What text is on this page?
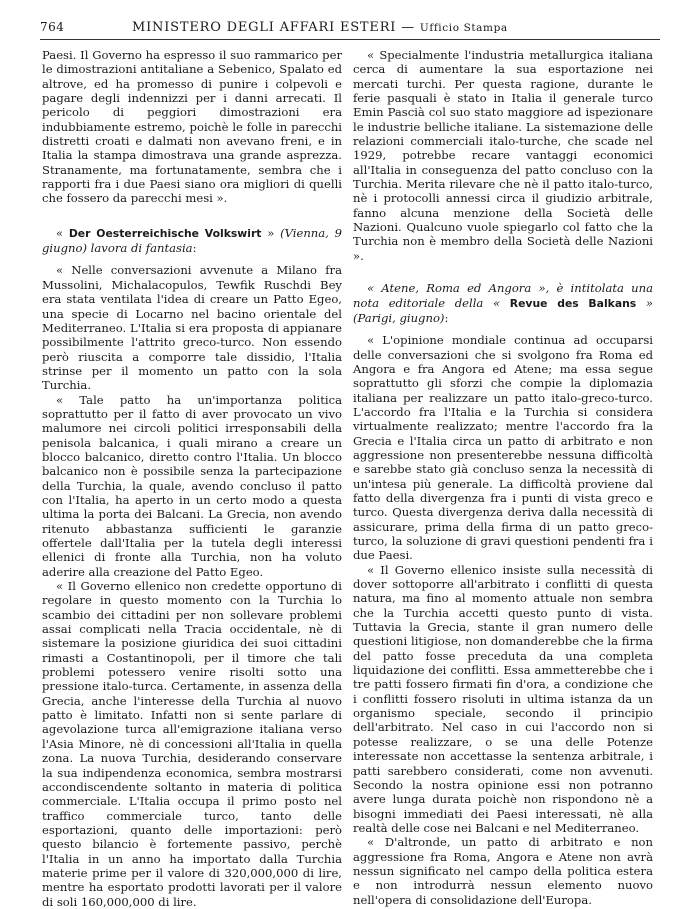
764	MINISTERO DEGLI AFFARI ESTERI — Ufficio Stampa

Paesi. Il Governo ha espresso il suo rammarico per le dimostrazioni antitaliane a Sebenico, Spalato ed altrove, ed ha promesso di punire i colpevoli e pagare degli indennizzi per i danni arrecati. Il pericolo di peggiori dimostrazioni era indubbiamente estremo, poichè le folle in parecchi distretti croati e dalmati non avevano freni, e in Italia la stampa dimostrava una grande asprezza. Stranamente, ma fortunatamente, sembra che i rapporti fra i due Paesi siano ora migliori di quelli che fossero da parecchi mesi ».

« Der Oesterreichische Volkswirt » (Vienna, 9 giugno) lavora di fantasia:

« Nelle conversazioni avvenute a Milano fra Mussolini, Michalacopulos, Tewfik Ruschdi Bey era stata ventilata l'idea di creare un Patto Egeo, una specie di Locarno nel bacino orientale del Mediterraneo. L'Italia si era proposta di appianare possibilmente l'attrito greco-turco. Non essendo però riuscita a comporre tale dissidio, l'Italia strinse per il momento un patto con la sola Turchia.

« Tale patto ha un'importanza politica soprattutto per il fatto di aver provocato un vivo malumore nei circoli politici irresponsabili della penisola balcanica, i quali mirano a creare un blocco balcanico, diretto contro l'Italia. Un blocco balcanico non è possibile senza la partecipazione della Turchia, la quale, avendo concluso il patto con l'Italia, ha aperto in un certo modo a questa ultima la porta dei Balcani. La Grecia, non avendo ritenuto abbastanza sufficienti le garanzie offertele dall'Italia per la tutela degli interessi ellenici di fronte alla Turchia, non ha voluto aderire alla creazione del Patto Egeo.

« Il Governo ellenico non credette opportuno di regolare in questo momento con la Turchia lo scambio dei cittadini per non sollevare problemi assai complicati nella Tracia occidentale, nè di sistemare la posizione giuridica dei suoi cittadini rimasti a Costantinopoli, per il timore che tali problemi potessero venire risolti sotto una pressione italo-turca. Certamente, in assenza della Grecia, anche l'interesse della Turchia al nuovo patto è limitato. Infatti non si sente parlare di agevolazione turca all'emigrazione italiana verso l'Asia Minore, nè di concessioni all'Italia in quella zona. La nuova Turchia, desiderando conservare la sua indipendenza economica, sembra mostrarsi accondiscendente soltanto in materia di politica commerciale. L'Italia occupa il primo posto nel traffico commerciale turco, tanto delle esportazioni, quanto delle importazioni: però questo bilancio è fortemente passivo, perchè l'Italia in un anno ha importato dalla Turchia materie prime per il valore di 320,000,000 di lire, mentre ha esportato prodotti lavorati per il valore di soli 160,000,000 di lire.

« Specialmente l'industria metallurgica italiana cerca di aumentare la sua esportazione nei mercati turchi. Per questa ragione, durante le ferie pasquali è stato in Italia il generale turco Emin Pascià col suo stato maggiore ad ispezionare le industrie belliche italiane. La sistemazione delle relazioni commerciali italo-turche, che scade nel 1929, potrebbe recare vantaggi economici all'Italia in conseguenza del patto concluso con la Turchia. Merita rilevare che nè il patto italo-turco, nè i protocolli annessi circa il giudizio arbitrale, fanno alcuna menzione della Società delle Nazioni. Qualcuno vuole spiegarlo col fatto che la Turchia non è membro della Società delle Nazioni ».

« Atene, Roma ed Angora », è intitolata una nota editoriale della « Revue des Balkans » (Parigi, giugno):

« L'opinione mondiale continua ad occuparsi delle conversazioni che si svolgono fra Roma ed Angora e fra Angora ed Atene; ma essa segue soprattutto gli sforzi che compie la diplomazia italiana per realizzare un patto italo-greco-turco. L'accordo fra l'Italia e la Turchia si considera virtualmente realizzato; mentre l'accordo fra la Grecia e l'Italia circa un patto di arbitrato e non aggressione non presenterebbe nessuna difficoltà e sarebbe stato già concluso senza la necessità di un'intesa più generale. La difficoltà proviene dal fatto della divergenza fra i punti di vista greco e turco. Questa divergenza deriva dalla necessità di assicurare, prima della firma di un patto greco-turco, la soluzione di gravi questioni pendenti fra i due Paesi.

« Il Governo ellenico insiste sulla necessità di dover sottoporre all'arbitrato i conflitti di questa natura, ma fino al momento attuale non sembra che la Turchia accetti questo punto di vista. Tuttavia la Grecia, stante il gran numero delle questioni litigiose, non domanderebbe che la firma del patto fosse preceduta da una completa liquidazione dei conflitti. Essa ammetterebbe che i tre patti fossero firmati fin d'ora, a condizione che i conflitti fossero risoluti in ultima istanza da un organismo speciale, secondo il principio dell'arbitrato. Nel caso in cui l'accordo non si potesse realizzare, o se una delle Potenze interessate non accettasse la sentenza arbitrale, i patti sarebbero considerati, come non avvenuti. Secondo la nostra opinione essi non potranno avere lunga durata poichè non rispondono nè a bisogni immediati dei Paesi interessati, nè alla realtà delle cose nei Balcani e nel Mediterraneo.

« D'altronde, un patto di arbitrato e non aggressione fra Roma, Angora e Atene non avrà nessun significato nel campo della politica estera e non introdurrà nessun elemento nuovo nell'opera di consolidazione dell'Europa.
